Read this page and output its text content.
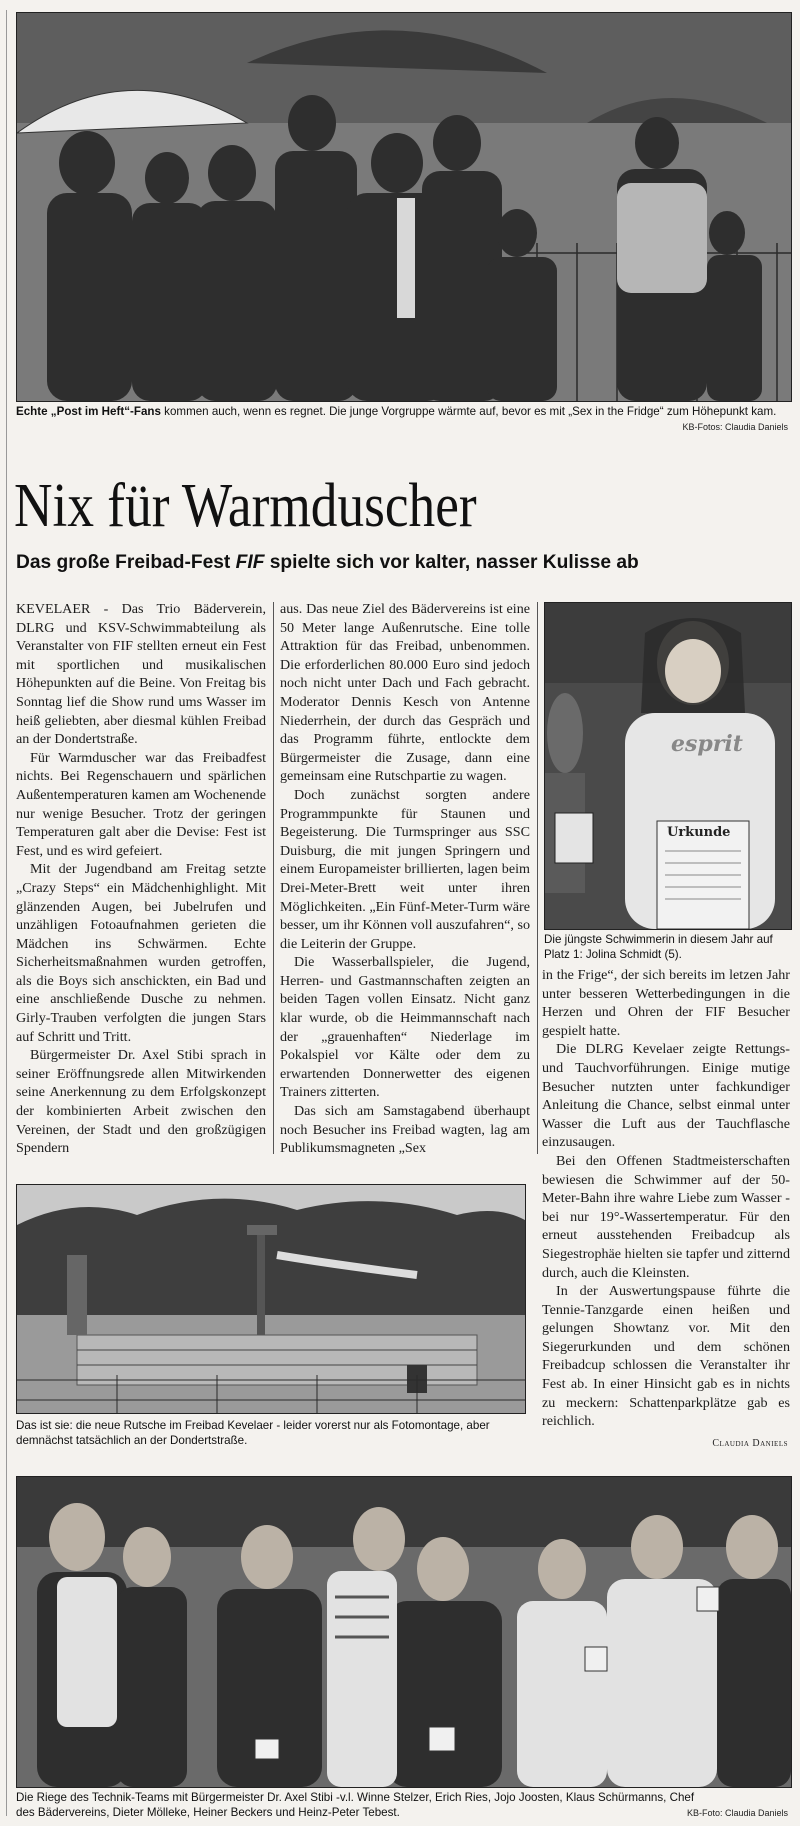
Echte „Post im Heft“-Fans kommen auch, wenn es regnet. Die junge Vorgruppe wärmte auf, bevor es mit „Sex in the Fridge“ zum Höhepunkt kam.
KB-Fotos: Claudia Daniels
Nix für Warmduscher
Das große Freibad-Fest FIF spielte sich vor kalter, nasser Kulisse ab

KEVELAER - Das Trio Bäderverein, DLRG und KSV-Schwimmabteilung als Veranstalter von FIF stellten erneut ein Fest mit sportlichen und musikalischen Höhepunkten auf die Beine. Von Freitag bis Sonntag lief die Show rund ums Wasser im heiß geliebten, aber diesmal kühlen Freibad an der Dondertstraße.

Für Warmduscher war das Freibadfest nichts. Bei Regenschauern und spärlichen Außentemperaturen kamen am Wochenende nur wenige Besucher. Trotz der geringen Temperaturen galt aber die Devise: Fest ist Fest, und es wird gefeiert.

Mit der Jugendband am Freitag setzte „Crazy Steps“ ein Mädchenhighlight. Mit glänzenden Augen, bei Jubelrufen und unzähligen Fotoaufnahmen gerieten die Mädchen ins Schwärmen. Echte Sicherheitsmaßnahmen wurden getroffen, als die Boys sich anschickten, ein Bad und eine anschließende Dusche zu nehmen. Girly-Trauben verfolgten die jungen Stars auf Schritt und Tritt.

Bürgermeister Dr. Axel Stibi sprach in seiner Eröffnungsrede allen Mitwirkenden seine Anerkennung zu dem Erfolgskonzept der kombinierten Arbeit zwischen den Vereinen, der Stadt und den großzügigen Spendern

aus. Das neue Ziel des Bädervereins ist eine 50 Meter lange Außenrutsche. Eine tolle Attraktion für das Freibad, unbenommen. Die erforderlichen 80.000 Euro sind jedoch noch nicht unter Dach und Fach gebracht. Moderator Dennis Kesch von Antenne Niederrhein, der durch das Gespräch und das Programm führte, entlockte dem Bürgermeister die Zusage, dann eine gemeinsam eine Rutschpartie zu wagen.

Doch zunächst sorgten andere Programmpunkte für Staunen und Begeisterung. Die Turmspringer aus SSC Duisburg, die mit jungen Springern und einem Europameister brillierten, lagen beim Drei-Meter-Brett weit unter ihren Möglichkeiten. „Ein Fünf-Meter-Turm wäre besser, um ihr Können voll auszufahren“, so die Leiterin der Gruppe.

Die Wasserballspieler, die Jugend, Herren- und Gastmannschaften zeigten an beiden Tagen vollen Einsatz. Nicht ganz klar wurde, ob die Heimmannschaft nach der „grauenhaften“ Niederlage im Pokalspiel vor Kälte oder dem zu erwartenden Donnerwetter des eigenen Trainers zitterten.

Das sich am Samstagabend überhaupt noch Besucher ins Freibad wagten, lag am Publikumsmagneten „Sex

esprit
Urkunde
Die jüngste Schwimmerin in diesem Jahr auf Platz 1: Jolina Schmidt (5).

in the Frige“, der sich bereits im letzen Jahr unter besseren Wetterbedingungen in die Herzen und Ohren der FIF Besucher gespielt hatte.

Die DLRG Kevelaer zeigte Rettungs- und Tauchvorführungen. Einige mutige Besucher nutzten unter fachkundiger Anleitung die Chance, selbst einmal unter Wasser die Luft aus der Tauchflasche einzusaugen.

Bei den Offenen Stadtmeisterschaften bewiesen die Schwimmer auf der 50-Meter-Bahn ihre wahre Liebe zum Wasser - bei nur 19°-Wassertemperatur. Für den erneut ausstehenden Freibadcup als Siegestrophäe hielten sie tapfer und zitternd durch, auch die Kleinsten.

In der Auswertungspause führte die Tennie-Tanzgarde einen heißen und gelungen Showtanz vor. Mit den Siegerurkunden und dem schönen Freibadcup schlossen die Veranstalter ihr Fest ab. In einer Hinsicht gab es in nichts zu meckern: Schattenparkplätze gab es reichlich.

Claudia Daniels
Das ist sie: die neue Rutsche im Freibad Kevelaer - leider vorerst nur als Fotomontage, aber demnächst tatsächlich an der Dondertstraße.
Die Riege des Technik-Teams mit Bürgermeister Dr. Axel Stibi -v.l. Winne Stelzer, Erich Ries, Jojo Joosten, Klaus Schürmanns, Chef des Bädervereins, Dieter Mölleke, Heiner Beckers und Heinz-Peter Tebest.	KB-Foto: Claudia Daniels
